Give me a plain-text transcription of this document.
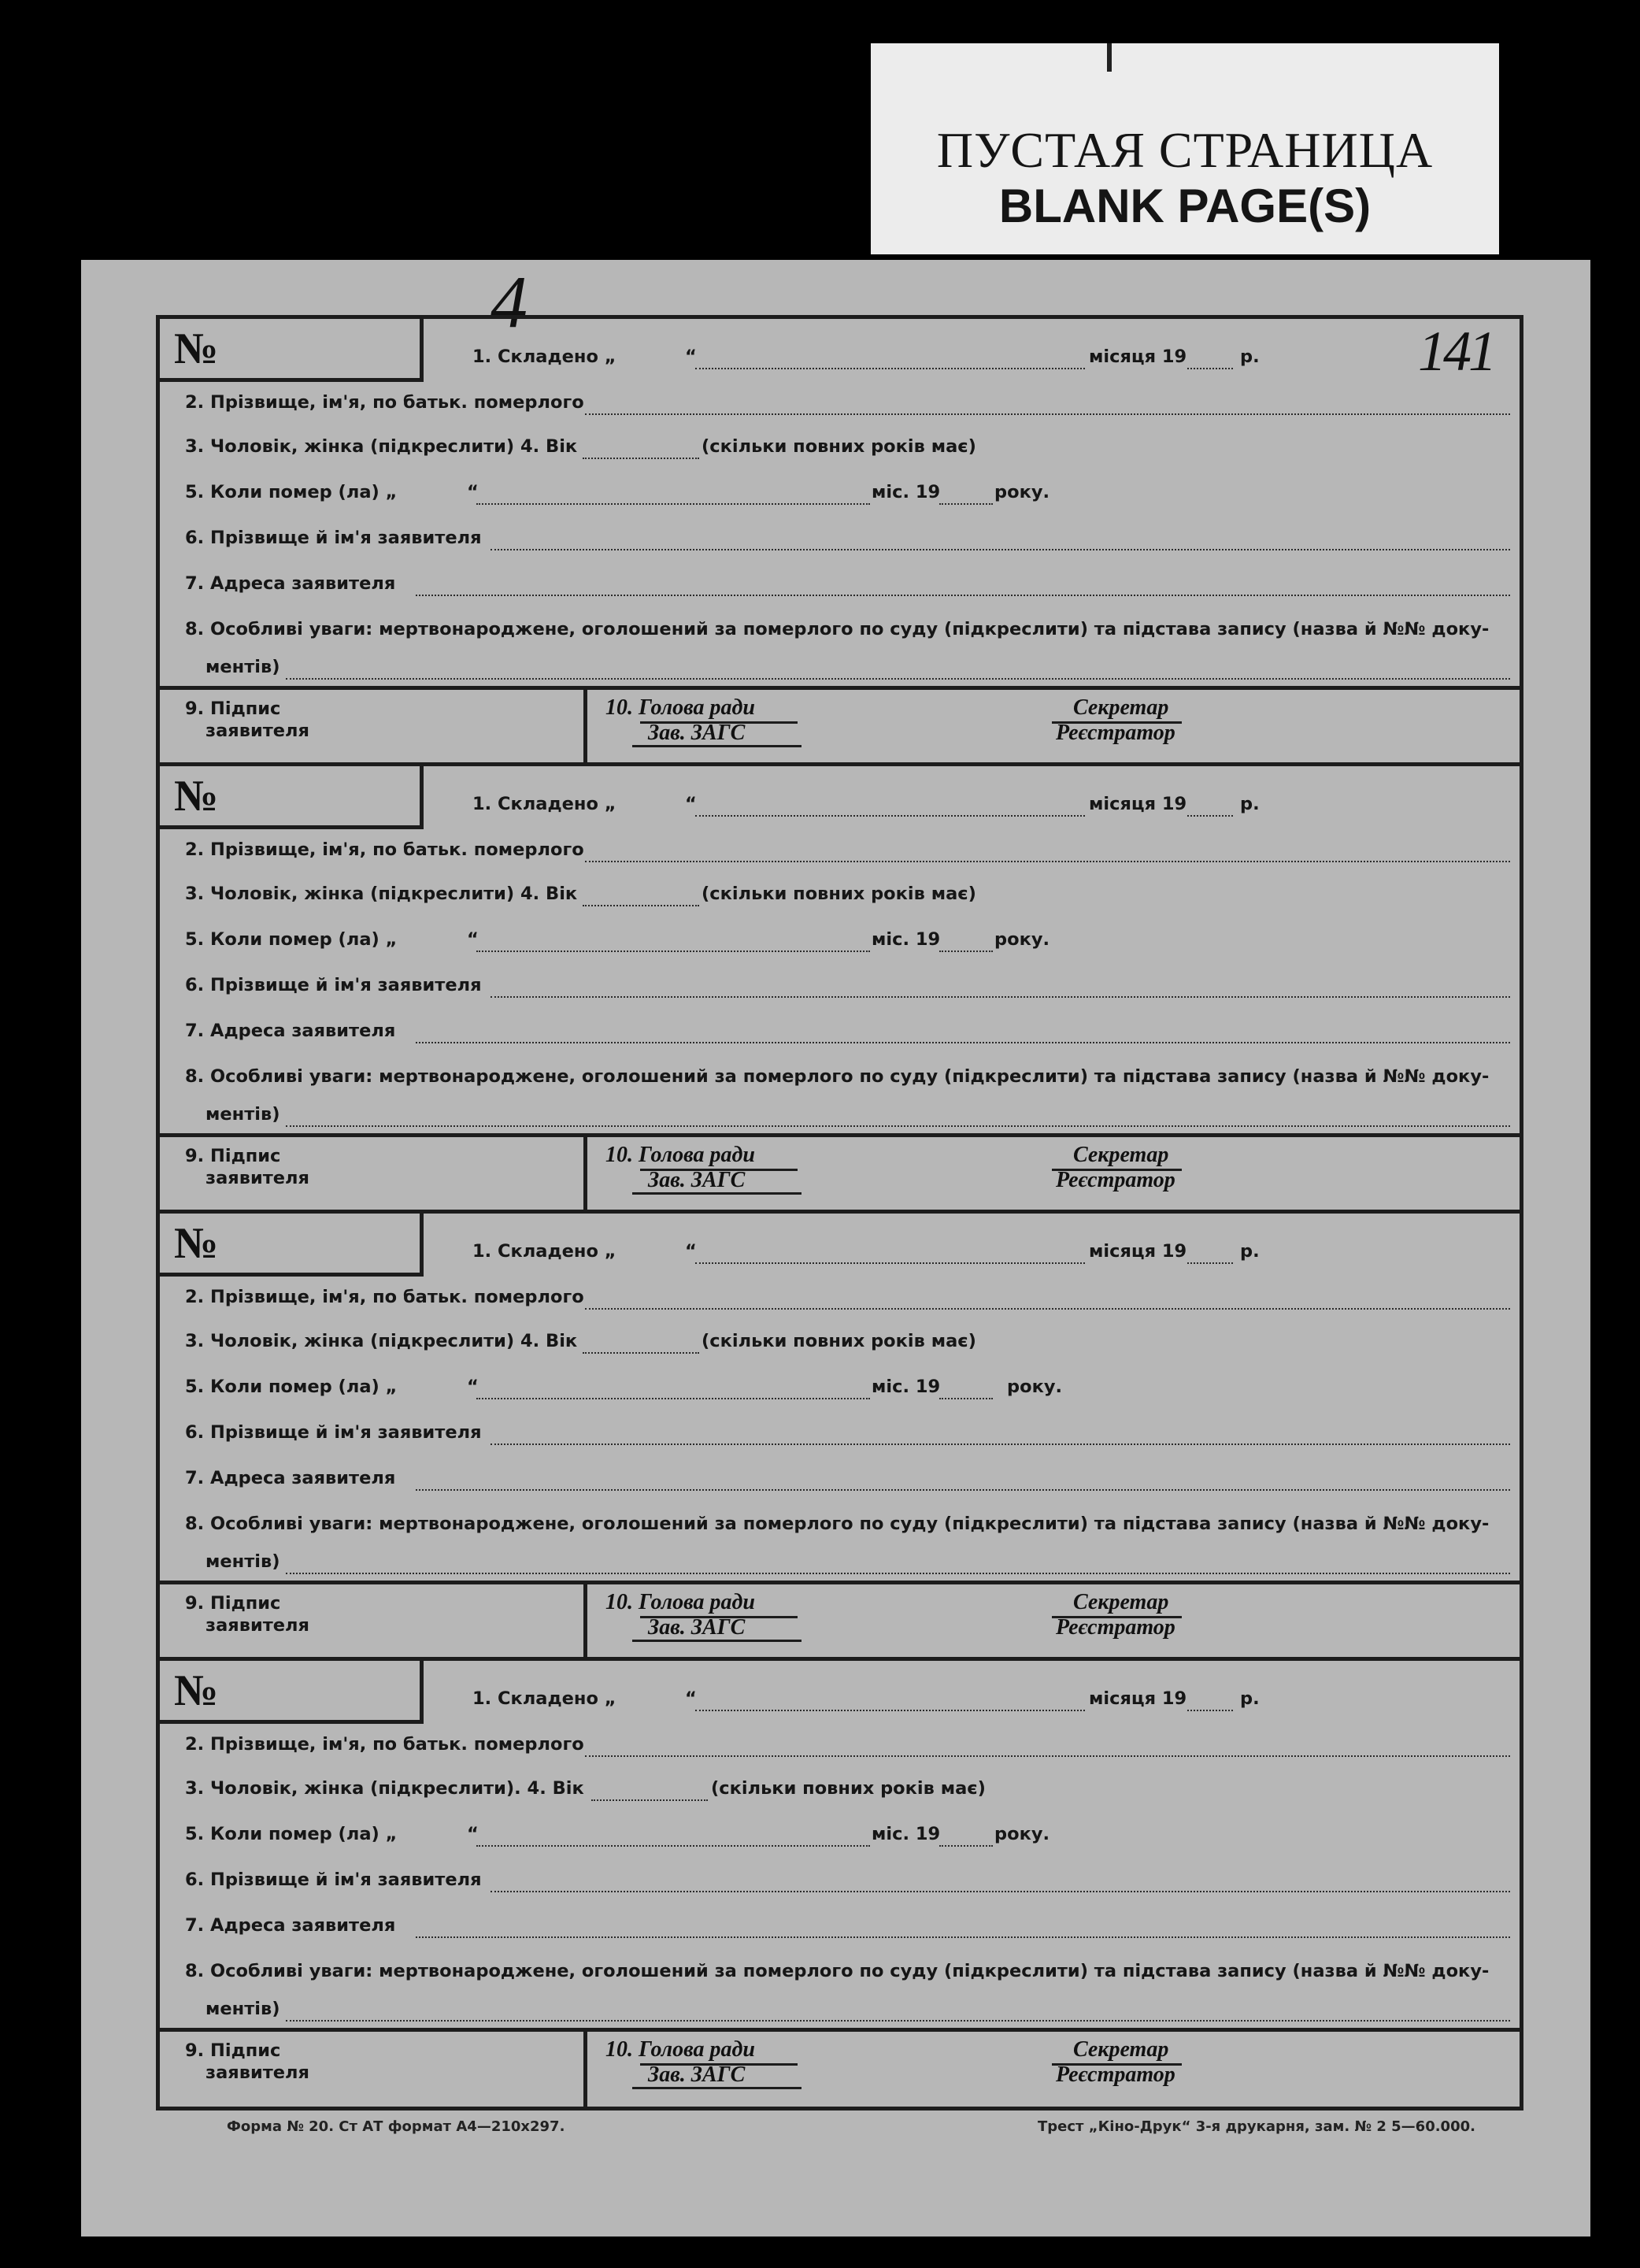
ПУСТАЯ СТРАНИЦА
BLANK PAGE(S)
4
141
№	1. Складено „	“	місяця 19	р.
2. Прізвище, ім'я, по батьк. померлого
3. Чоловік, жінка (підкреслити) 4. Вік	(скільки повних років має)
5. Коли помер (ла) „	“	міс. 19	року.
6. Прізвище й ім'я заявителя
7. Адреса заявителя
8. Особливі уваги: мертвонароджене, оголошений за померлого по суду (підкреслити) та підстава запису (назва й №№ доку-
ментів)
9. Підпис
заявителя
10. Голова ради
Зав. ЗАГС
Секретар
Реєстратор
№	1. Складено „	“	місяця 19	р.
2. Прізвище, ім'я, по батьк. померлого
3. Чоловік, жінка (підкреслити) 4. Вік	(скільки повних років має)
5. Коли помер (ла) „	“	міс. 19	року.
6. Прізвище й ім'я заявителя
7. Адреса заявителя
8. Особливі уваги: мертвонароджене, оголошений за померлого по суду (підкреслити) та підстава запису (назва й №№ доку-
ментів)
9. Підпис
заявителя
10. Голова ради
Зав. ЗАГС
Секретар
Реєстратор
№	1. Складено „	“	місяця 19	р.
2. Прізвище, ім'я, по батьк. померлого
3. Чоловік, жінка (підкреслити) 4. Вік	(скільки повних років має)
5. Коли помер (ла) „	“	міс. 19	року.
6. Прізвище й ім'я заявителя
7. Адреса заявителя
8. Особливі уваги: мертвонароджене, оголошений за померлого по суду (підкреслити) та підстава запису (назва й №№ доку-
ментів)
9. Підпис
заявителя
10. Голова ради
Зав. ЗАГС
Секретар
Реєстратор
№	1. Складено „	“	місяця 19	р.
2. Прізвище, ім'я, по батьк. померлого
3. Чоловік, жінка (підкреслити). 4. Вік	(скільки повних років має)
5. Коли помер (ла) „	“	міс. 19	року.
6. Прізвище й ім'я заявителя
7. Адреса заявителя
8. Особливі уваги: мертвонароджене, оголошений за померлого по суду (підкреслити) та підстава запису (назва й №№ доку-
ментів)
9. Підпис
заявителя
10. Голова ради
Зав. ЗАГС
Секретар
Реєстратор
Форма № 20. Ст АТ формат А4—210х297.	Трест „Кіно-Друк“ 3-я друкарня, зам. № 2 5—60.000.
